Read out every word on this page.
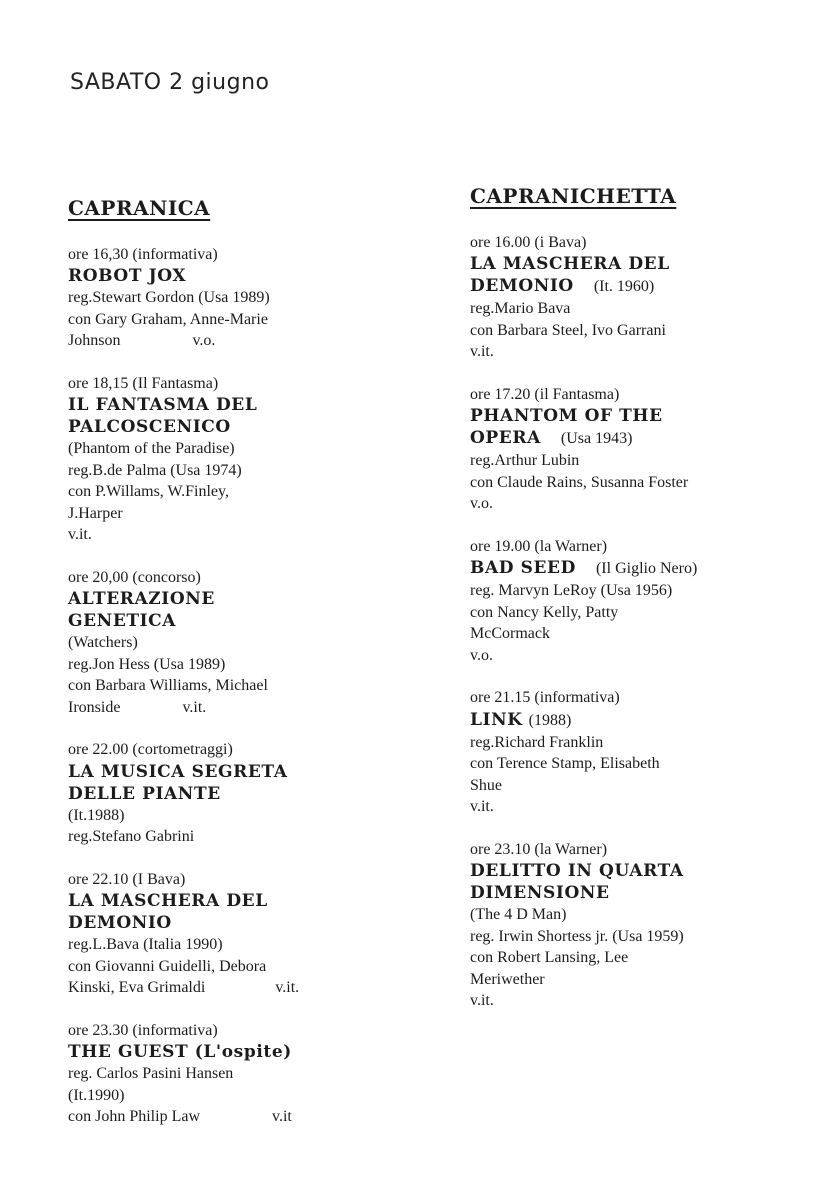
SABATO 2 giugno
CAPRANICA
ore 16,30 (informativa)
ROBOT JOX
reg.Stewart Gordon (Usa 1989)
con Gary Graham, Anne-Marie
Johnson	v.o.
ore 18,15 (Il Fantasma)
IL FANTASMA DEL
PALCOSCENICO
(Phantom of the Paradise)
reg.B.de Palma (Usa 1974)
con P.Willams, W.Finley,
J.Harper
v.it.
ore 20,00 (concorso)
ALTERAZIONE
GENETICA
(Watchers)
reg.Jon Hess (Usa 1989)
con Barbara Williams, Michael
Ironside	v.it.
ore 22.00 (cortometraggi)
LA MUSICA SEGRETA
DELLE PIANTE
(It.1988)
reg.Stefano Gabrini
ore 22.10 (I Bava)
LA MASCHERA DEL
DEMONIO
reg.L.Bava (Italia 1990)
con Giovanni Guidelli, Debora
Kinski, Eva Grimaldi	v.it.
ore 23.30 (informativa)
THE GUEST (L'ospite)
reg. Carlos Pasini Hansen
(It.1990)
con John Philip Law	v.it
CAPRANICHETTA
ore 16.00 (i Bava)
LA MASCHERA DEL
DEMONIO (It. 1960)
reg.Mario Bava
con Barbara Steel, Ivo Garrani
v.it.
ore 17.20 (il Fantasma)
PHANTOM OF THE
OPERA (Usa 1943)
reg.Arthur Lubin
con Claude Rains, Susanna Foster
v.o.
ore 19.00 (la Warner)
BAD SEED (Il Giglio Nero)
reg. Marvyn LeRoy (Usa 1956)
con Nancy Kelly, Patty
McCormack
v.o.
ore 21.15 (informativa)
LINK (1988)
reg.Richard Franklin
con Terence Stamp, Elisabeth
Shue
v.it.
ore 23.10 (la Warner)
DELITTO IN QUARTA
DIMENSIONE
(The 4 D Man)
reg. Irwin Shortess jr. (Usa 1959)
con Robert Lansing, Lee
Meriwether
v.it.
